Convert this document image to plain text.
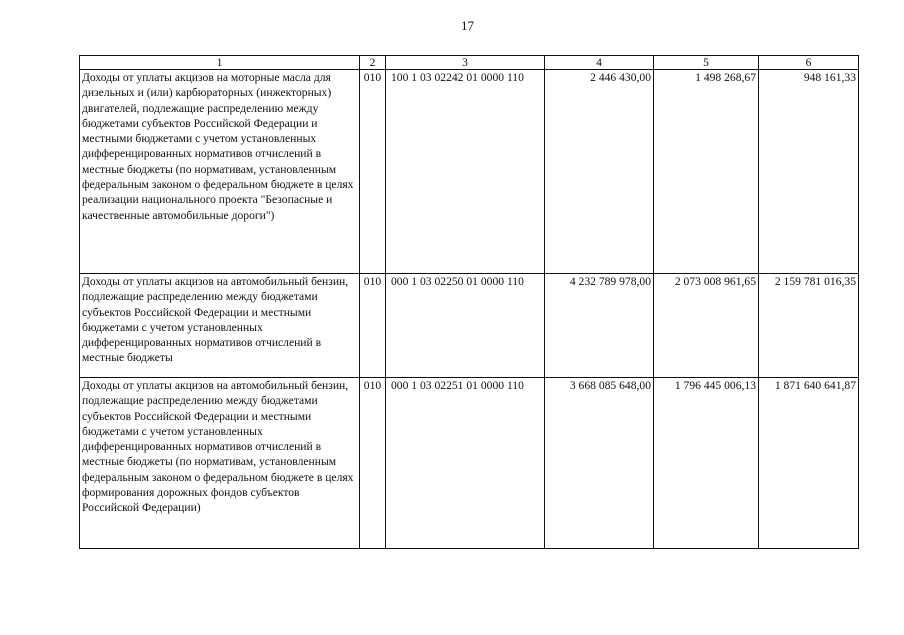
17
1	2	3	4	5	6
Доходы от уплаты акцизов на моторные масла для дизельных и (или) карбюраторных (инжекторных) двигателей, подлежащие распределению между бюджетами субъектов Российской Федерации и местными бюджетами с учетом установленных дифференцированных нормативов отчислений в местные бюджеты (по нормативам, установленным федеральным законом о федеральном бюджете в целях реализации национального проекта "Безопасные и качественные автомобильные дороги")	010	100 1 03 02242 01 0000 110	2 446 430,00	1 498 268,67	948 161,33
Доходы от уплаты акцизов на автомобильный бензин, подлежащие распределению между бюджетами субъектов Российской Федерации и местными бюджетами с учетом установленных дифференцированных нормативов отчислений в местные бюджеты	010	000 1 03 02250 01 0000 110	4 232 789 978,00	2 073 008 961,65	2 159 781 016,35
Доходы от уплаты акцизов на автомобильный бензин, подлежащие распределению между бюджетами субъектов Российской Федерации и местными бюджетами с учетом установленных дифференцированных нормативов отчислений в местные бюджеты (по нормативам, установленным федеральным законом о федеральном бюджете в целях формирования дорожных фондов субъектов Российской Федерации)	010	000 1 03 02251 01 0000 110	3 668 085 648,00	1 796 445 006,13	1 871 640 641,87
